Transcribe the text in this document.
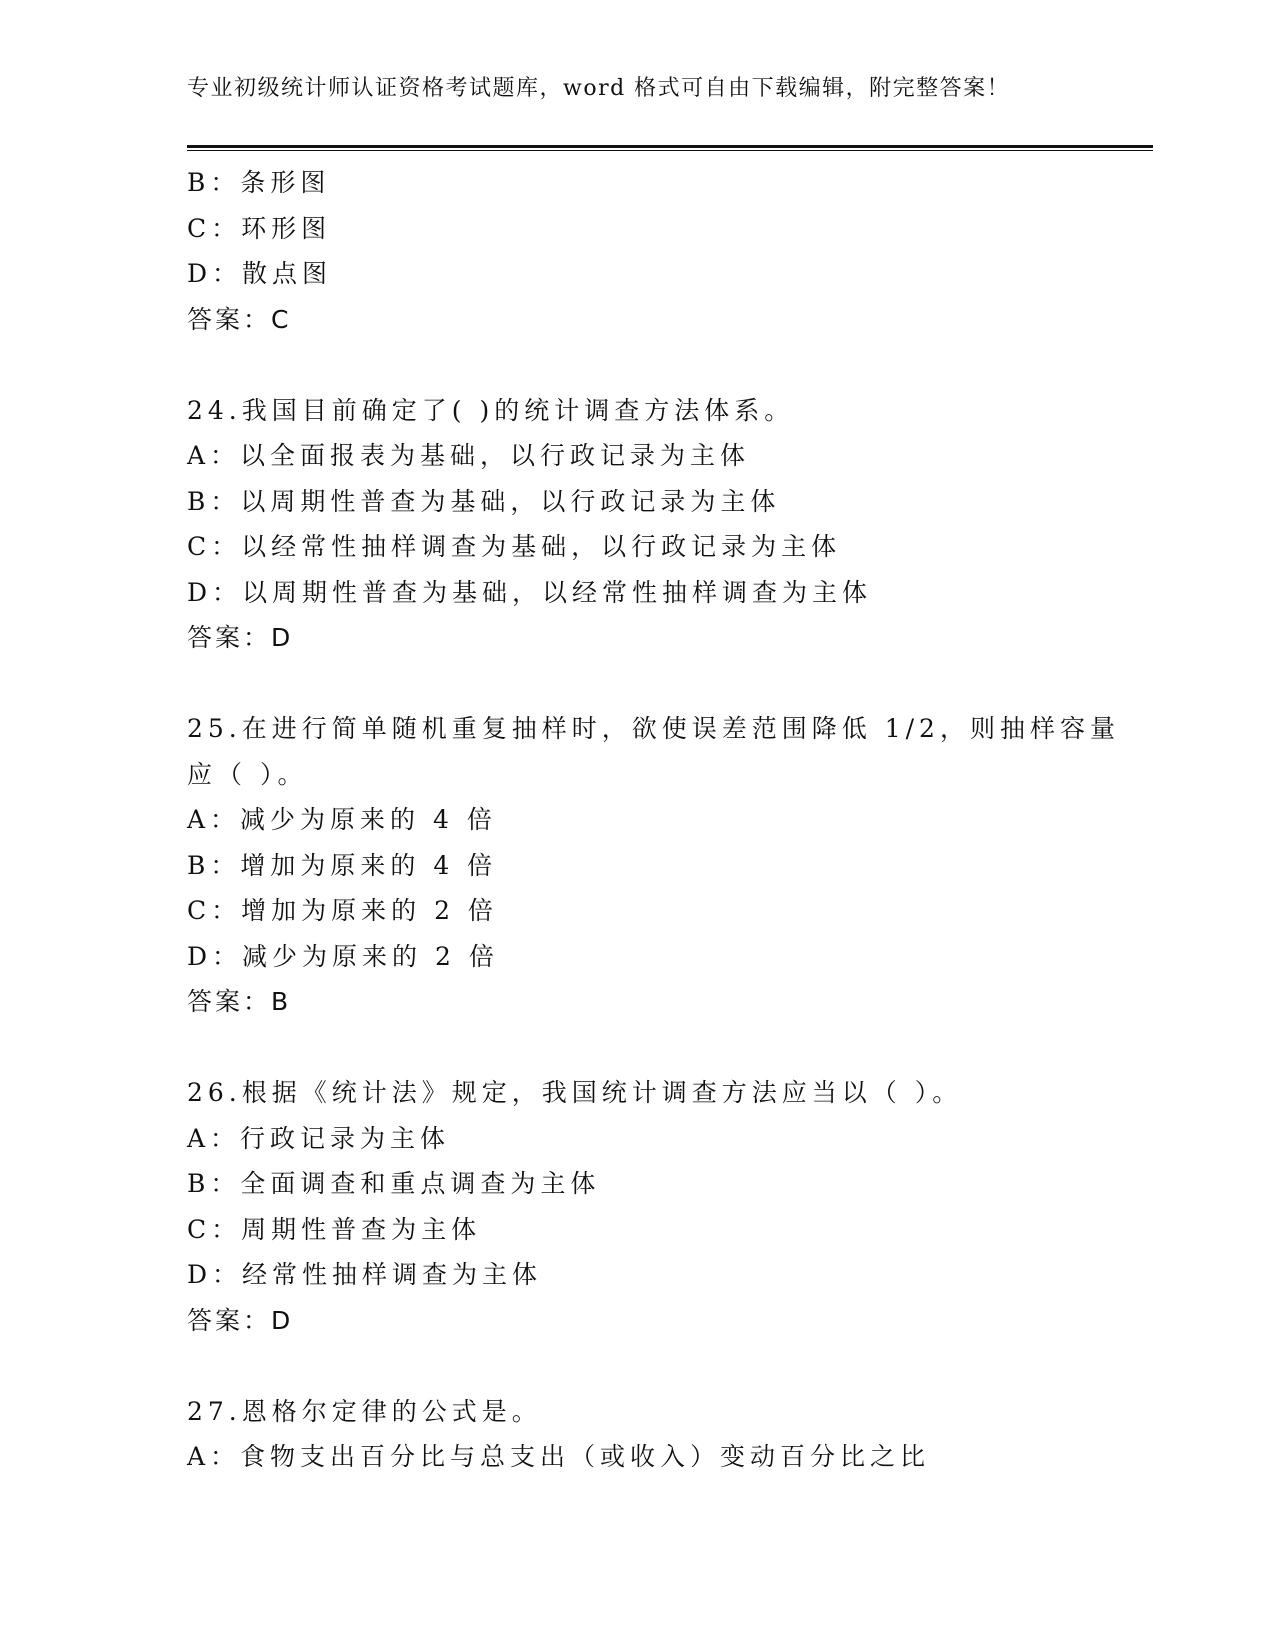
专业初级统计师认证资格考试题库，word 格式可自由下载编辑，附完整答案！
B：条形图
C：环形图
D：散点图
答案：C
24.我国目前确定了( )的统计调查方法体系。
A：以全面报表为基础，以行政记录为主体
B：以周期性普查为基础，以行政记录为主体
C：以经常性抽样调查为基础，以行政记录为主体
D：以周期性普查为基础，以经常性抽样调查为主体
答案：D
25.在进行简单随机重复抽样时，欲使误差范围降低 1/2，则抽样容量
应（ ）。
A：减少为原来的 4 倍
B：增加为原来的 4 倍
C：增加为原来的 2 倍
D：减少为原来的 2 倍
答案：B
26.根据《统计法》规定，我国统计调查方法应当以（ ）。
A：行政记录为主体
B：全面调查和重点调查为主体
C：周期性普查为主体
D：经常性抽样调查为主体
答案：D
27.恩格尔定律的公式是。
A：食物支出百分比与总支出（或收入）变动百分比之比
